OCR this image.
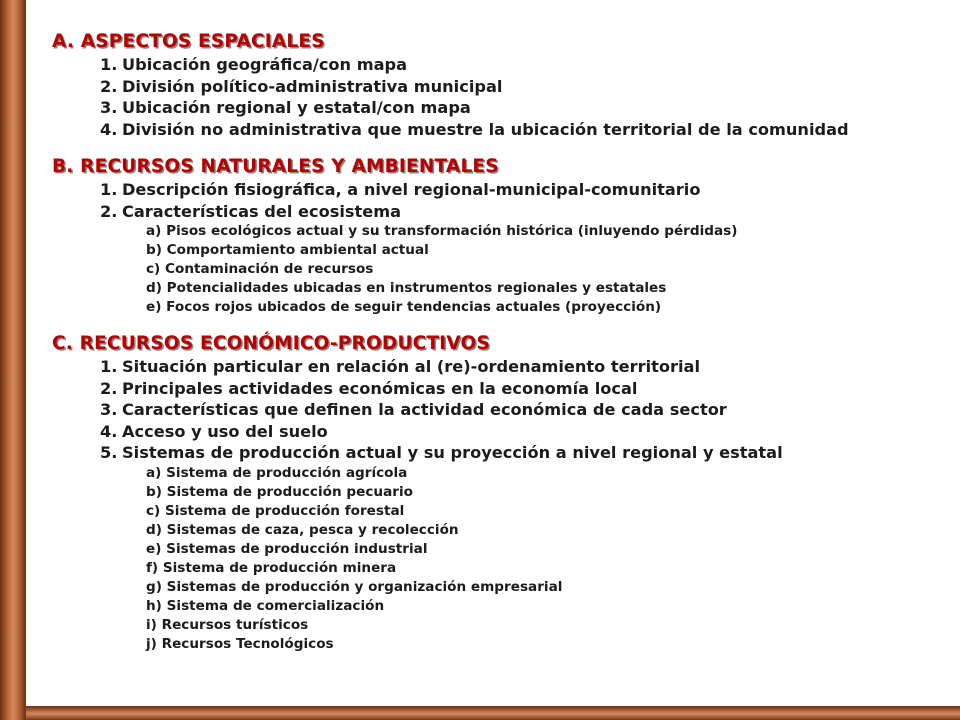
A. ASPECTOS ESPACIALES
1. Ubicación geográfica/con mapa
2. División político-administrativa municipal
3. Ubicación regional y estatal/con mapa
4. División no administrativa que muestre la ubicación territorial de la comunidad
B. RECURSOS NATURALES Y AMBIENTALES
1. Descripción fisiográfica, a nivel regional-municipal-comunitario
2. Características del ecosistema
a) Pisos ecológicos actual y su transformación histórica (inluyendo pérdidas)
b) Comportamiento ambiental actual
c) Contaminación de recursos
d) Potencialidades ubicadas en instrumentos regionales y estatales
e) Focos rojos ubicados de seguir tendencias actuales (proyección)
C. RECURSOS ECONÓMICO-PRODUCTIVOS
1. Situación particular en relación al (re)-ordenamiento territorial
2. Principales actividades económicas en la economía local
3. Características que definen la actividad económica de cada sector
4. Acceso y uso del suelo
5. Sistemas de producción actual y su proyección a nivel regional y estatal
a) Sistema de producción agrícola
b) Sistema de producción pecuario
c) Sistema de producción forestal
d) Sistemas de caza, pesca y recolección
e) Sistemas de producción industrial
f) Sistema de producción minera
g) Sistemas de producción y organización empresarial
h) Sistema de comercialización
i) Recursos turísticos
j) Recursos Tecnológicos
